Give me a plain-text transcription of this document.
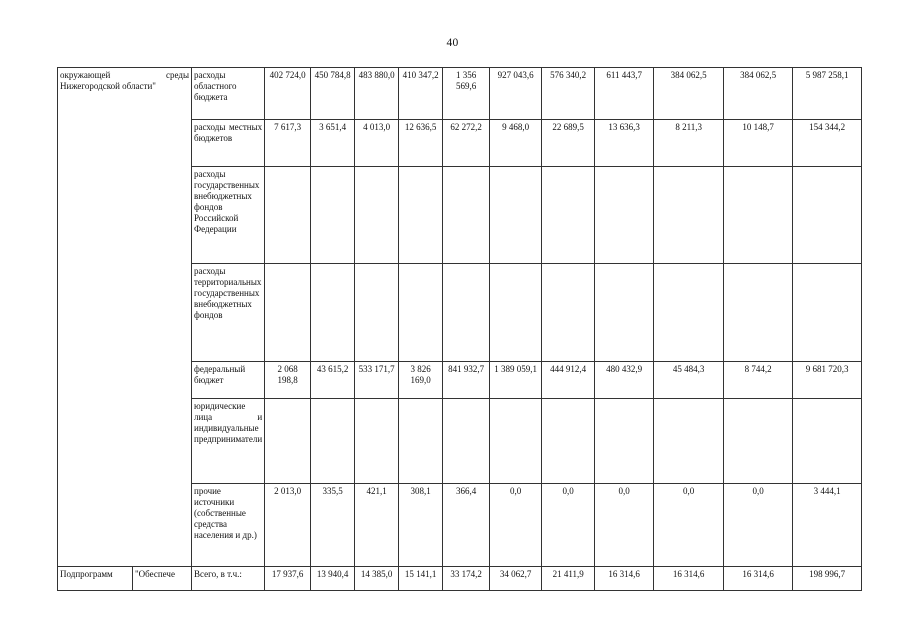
40
окружающей среды Нижегородской области"		расходы областного бюджета	402 724,0	450 784,8	483 880,0	410 347,2	1 356 569,6	927 043,6	576 340,2	611 443,7	384 062,5	384 062,5	5 987 258,1
		расходы местных бюджетов	7 617,3	3 651,4	4 013,0	12 636,5	62 272,2	9 468,0	22 689,5	13 636,3	8 211,3	10 148,7	154 344,2
		расходы государственных внебюджетных фондов Российской Федерации											
		расходы территориальных государственных внебюджетных фондов											
		федеральный бюджет	2 068 198,8	43 615,2	533 171,7	3 826 169,0	841 932,7	1 389 059,1	444 912,4	480 432,9	45 484,3	8 744,2	9 681 720,3
		юридические лица и индивидуальные предприниматели											
		прочие источники (собственные средства населения и др.)	2 013,0	335,5	421,1	308,1	366,4	0,0	0,0	0,0	0,0	0,0	3 444,1
Подпрограмм	"Обеспече	Всего, в т.ч.:	17 937,6	13 940,4	14 385,0	15 141,1	33 174,2	34 062,7	21 411,9	16 314,6	16 314,6	16 314,6	198 996,7
